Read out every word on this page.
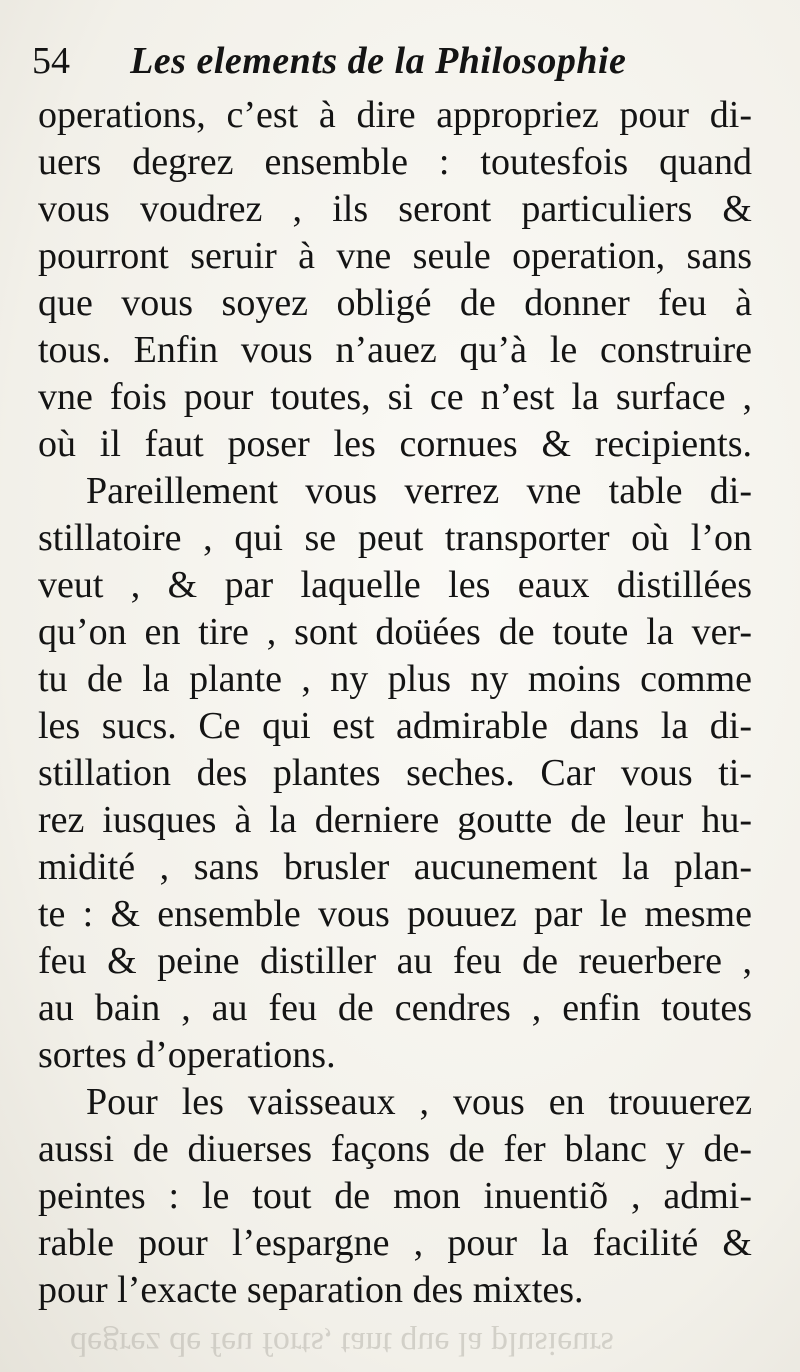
54 Les elements de la Philosophie
operations, c’est à dire appropriez pour di-
uers degrez ensemble : toutesfois quand
vous voudrez , ils seront particuliers &
pourront seruir à vne seule operation, sans
que vous soyez obligé de donner feu à
tous. Enfin vous n’auez qu’à le construire
vne fois pour toutes, si ce n’est la surface ,
où il faut poser les cornues & recipients.
Pareillement vous verrez vne table di-
stillatoire , qui se peut transporter où l’on
veut , & par laquelle les eaux distillées
qu’on en tire , sont doüées de toute la ver-
tu de la plante , ny plus ny moins comme
les sucs. Ce qui est admirable dans la di-
stillation des plantes seches. Car vous ti-
rez iusques à la derniere goutte de leur hu-
midité , sans brusler aucunement la plan-
te : & ensemble vous pouuez par le mesme
feu & peine distiller au feu de reuerbere ,
au bain , au feu de cendres , enfin toutes
sortes d’operations.
Pour les vaisseaux , vous en trouuerez
aussi de diuerses façons de fer blanc y de-
peintes : le tout de mon inuentiõ , admi-
rable pour l’espargne , pour la facilité &
pour l’exacte separation des mixtes.
degrez de feu forts, tant que la plusieurs
